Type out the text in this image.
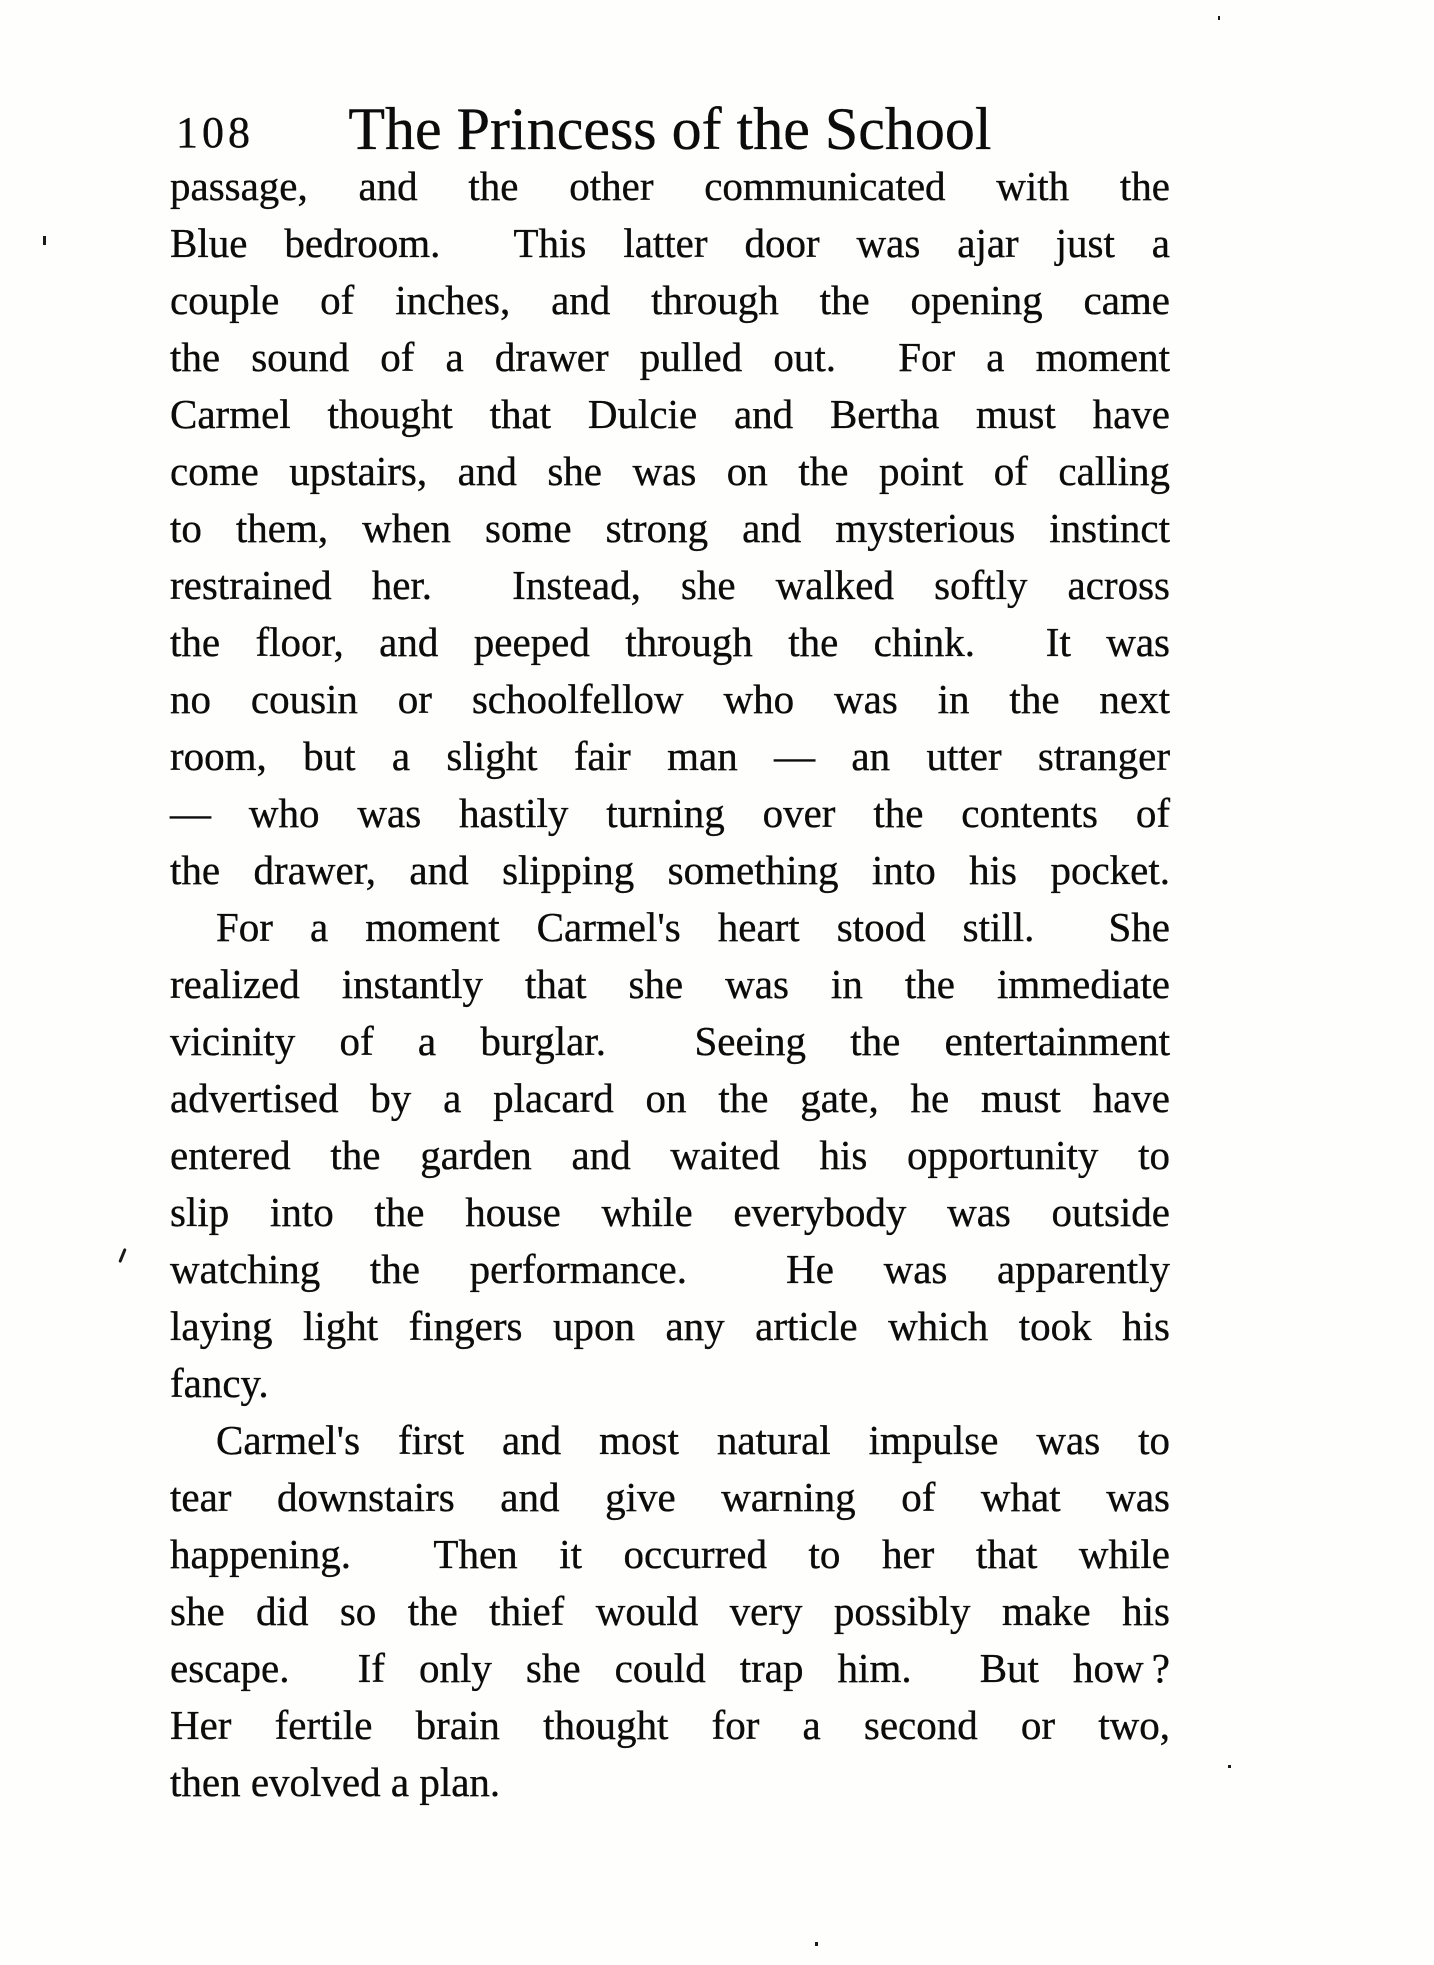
108	The Princess of the School
passage, and the other communicated with the
Blue bedroom.  This latter door was ajar just a
couple of inches, and through the opening came
the sound of a drawer pulled out.  For a moment
Carmel thought that Dulcie and Bertha must have
come upstairs, and she was on the point of calling
to them, when some strong and mysterious instinct
restrained her.  Instead, she walked softly across
the floor, and peeped through the chink.  It was
no cousin or schoolfellow who was in the next
room, but a slight fair man — an utter stranger
— who was hastily turning over the contents of
the drawer, and slipping something into his pocket.
For a moment Carmel's heart stood still.  She
realized instantly that she was in the immediate
vicinity of a burglar.  Seeing the entertainment
advertised by a placard on the gate, he must have
entered the garden and waited his opportunity to
slip into the house while everybody was outside
watching the performance.  He was apparently
laying light fingers upon any article which took his
fancy.
Carmel's first and most natural impulse was to
tear downstairs and give warning of what was
happening.  Then it occurred to her that while
she did so the thief would very possibly make his
escape.  If only she could trap him.  But how ?
Her fertile brain thought for a second or two,
then evolved a plan.
